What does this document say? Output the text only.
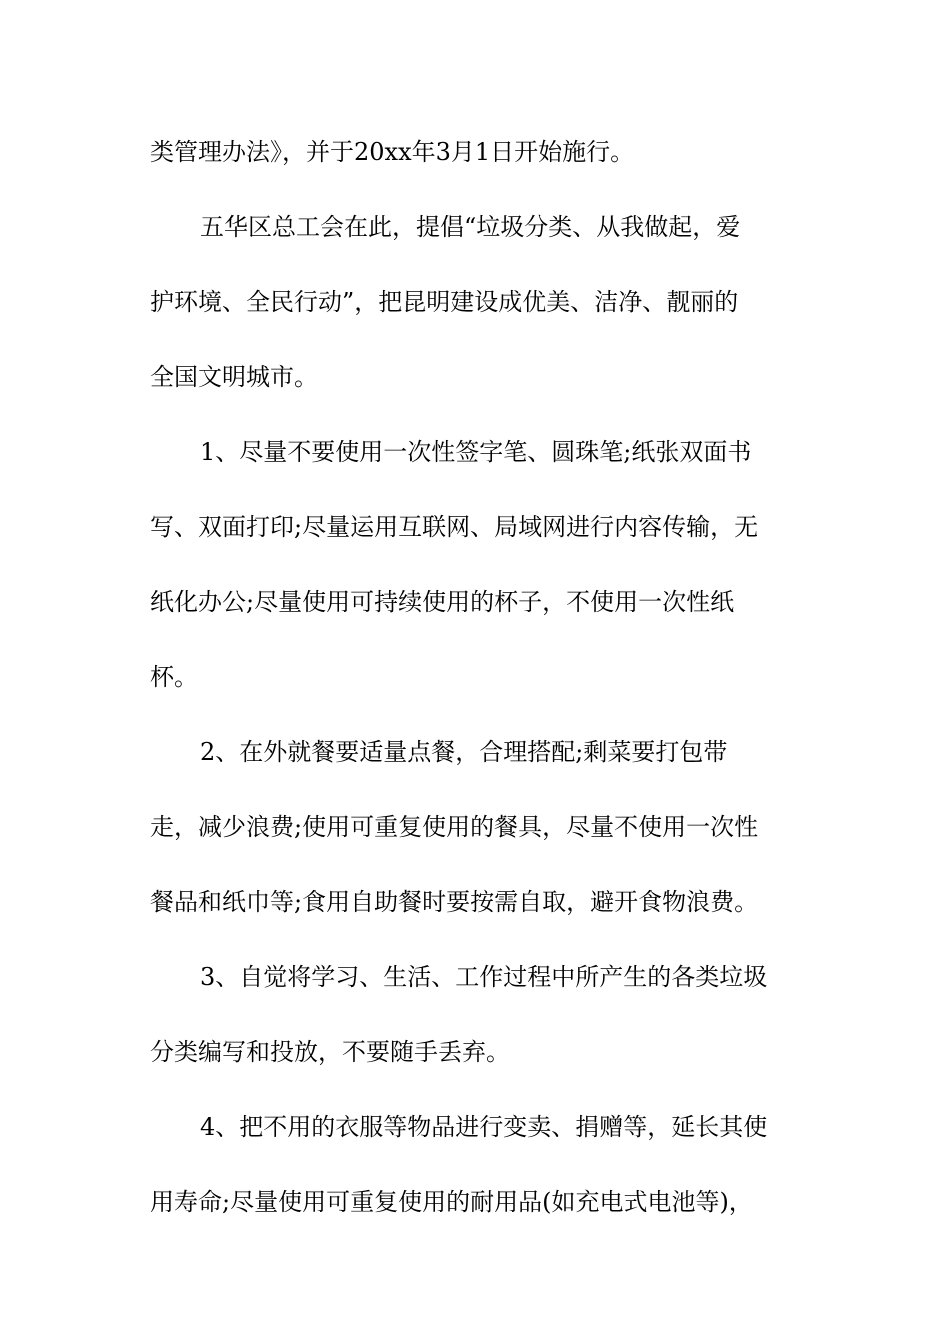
类管理办法》，并于20xx年3月1日开始施行。
五华区总工会在此，提倡“垃圾分类、从我做起，爱
护环境、全民行动”，把昆明建设成优美、洁净、靓丽的
全国文明城市。
1、尽量不要使用一次性签字笔、圆珠笔;纸张双面书
写、双面打印;尽量运用互联网、局域网进行内容传输，无
纸化办公;尽量使用可持续使用的杯子，不使用一次性纸
杯。
2、在外就餐要适量点餐，合理搭配;剩菜要打包带
走，减少浪费;使用可重复使用的餐具，尽量不使用一次性
餐品和纸巾等;食用自助餐时要按需自取，避开食物浪费。
3、自觉将学习、生活、工作过程中所产生的各类垃圾
分类编写和投放，不要随手丢弃。
4、把不用的衣服等物品进行变卖、捐赠等，延长其使
用寿命;尽量使用可重复使用的耐用品(如充电式电池等)，
